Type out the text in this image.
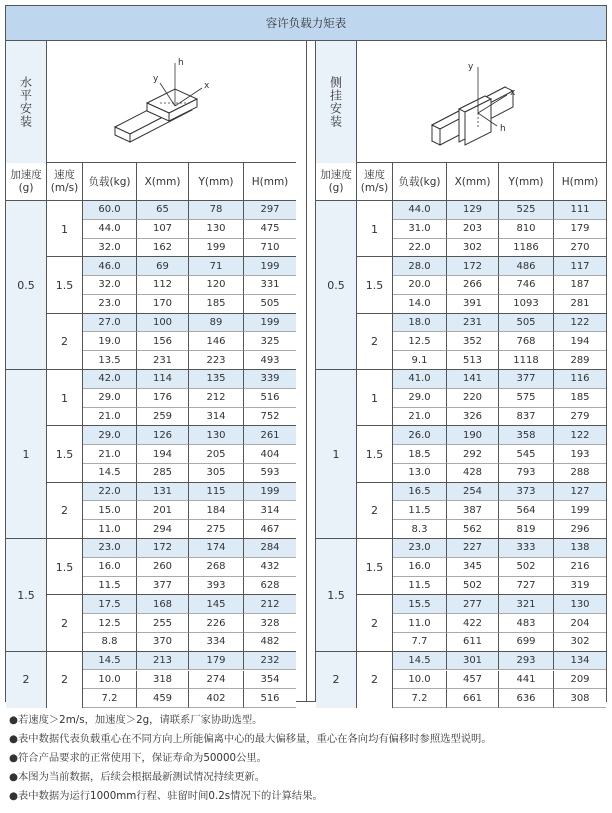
容许负载力矩表
水平安装
h
y
x
加速度
(g)
速度
(m/s)
负载(kg)	X(mm)	Y(mm)	H(mm)
0.5
1
60.0	65	78	297
44.0	107	130	475
32.0	162	199	710
1.5
46.0	69	71	199
32.0	112	120	331
23.0	170	185	505
2
27.0	100	89	199
19.0	156	146	325
13.5	231	223	493
1
1
42.0	114	135	339
29.0	176	212	516
21.0	259	314	752
1.5
29.0	126	130	261
21.0	194	205	404
14.5	285	305	593
2
22.0	131	115	199
15.0	201	184	314
11.0	294	275	467
1.5
1.5
23.0	172	174	284
16.0	260	268	432
11.5	377	393	628
2
17.5	168	145	212
12.5	255	226	328
8.8	370	334	482
2	2
14.5	213	179	232
10.0	318	274	354
7.2	459	402	516
侧挂安装
y
x
h
加速度
(g)
速度
(m/s)
负载(kg)	X(mm)	Y(mm)	H(mm)
0.5
1
44.0	129	525	111
31.0	203	810	179
22.0	302	1186	270
1.5
28.0	172	486	117
20.0	266	746	187
14.0	391	1093	281
2
18.0	231	505	122
12.5	352	768	194
9.1	513	1118	289
1
1
41.0	141	377	116
29.0	220	575	185
21.0	326	837	279
1.5
26.0	190	358	122
18.5	292	545	193
13.0	428	793	288
2
16.5	254	373	127
11.5	387	564	199
8.3	562	819	296
1.5
1.5
23.0	227	333	138
16.0	345	502	216
11.5	502	727	319
2
15.5	277	321	130
11.0	422	483	204
7.7	611	699	302
2	2
14.5	301	293	134
10.0	457	441	209
7.2	661	636	308
●若速度＞2m/s，加速度＞2g，请联系厂家协助选型。
●表中数据代表负载重心在不同方向上所能偏离中心的最大偏移量，重心在各向均有偏移时参照选型说明。
●符合产品要求的正常使用下，保证寿命为50000公里。
●本图为当前数据，后续会根据最新测试情况持续更新。
●表中数据为运行1000mm行程、驻留时间0.2s情况下的计算结果。
